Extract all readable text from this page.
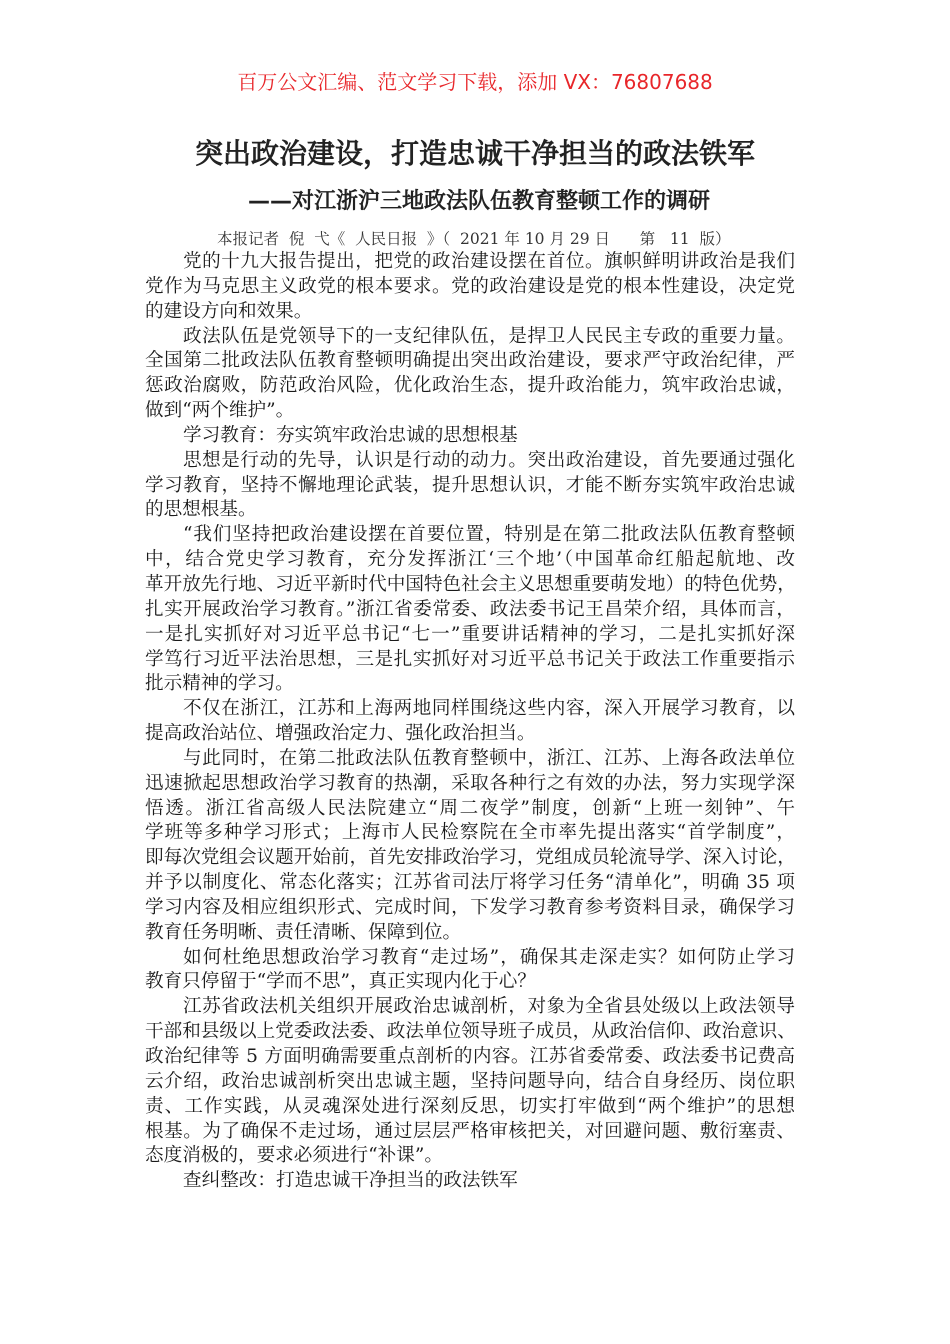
百万公文汇编、范文学习下载，添加 VX：76807688
突出政治建设，打造忠诚干净担当的政法铁军
——对江浙沪三地政法队伍教育整顿工作的调研
本报记者  倪  弋《  人民日报  》（  2021 年 10 月 29 日      第   11  版）
党的十九大报告提出，把党的政治建设摆在首位。旗帜鲜明讲政治是我们
党作为马克思主义政党的根本要求。党的政治建设是党的根本性建设，决定党
的建设方向和效果。
政法队伍是党领导下的一支纪律队伍，是捍卫人民民主专政的重要力量。
全国第二批政法队伍教育整顿明确提出突出政治建设，要求严守政治纪律，严
惩政治腐败，防范政治风险，优化政治生态，提升政治能力，筑牢政治忠诚，
做到“两个维护”。
学习教育：夯实筑牢政治忠诚的思想根基
思想是行动的先导，认识是行动的动力。突出政治建设，首先要通过强化
学习教育，坚持不懈地理论武装，提升思想认识，才能不断夯实筑牢政治忠诚
的思想根基。
“我们坚持把政治建设摆在首要位置，特别是在第二批政法队伍教育整顿
中，结合党史学习教育，充分发挥浙江‘三个地’（中国革命红船起航地、改
革开放先行地、习近平新时代中国特色社会主义思想重要萌发地）的特色优势，
扎实开展政治学习教育。”浙江省委常委、政法委书记王昌荣介绍，具体而言，
一是扎实抓好对习近平总书记“七一”重要讲话精神的学习，二是扎实抓好深
学笃行习近平法治思想，三是扎实抓好对习近平总书记关于政法工作重要指示
批示精神的学习。
不仅在浙江，江苏和上海两地同样围绕这些内容，深入开展学习教育，以
提高政治站位、增强政治定力、强化政治担当。
与此同时，在第二批政法队伍教育整顿中，浙江、江苏、上海各政法单位
迅速掀起思想政治学习教育的热潮，采取各种行之有效的办法，努力实现学深
悟透。浙江省高级人民法院建立“周二夜学”制度，创新“上班一刻钟”、午
学班等多种学习形式；上海市人民检察院在全市率先提出落实“首学制度”，
即每次党组会议题开始前，首先安排政治学习，党组成员轮流导学、深入讨论，
并予以制度化、常态化落实；江苏省司法厅将学习任务“清单化”，明确 35 项
学习内容及相应组织形式、完成时间，下发学习教育参考资料目录，确保学习
教育任务明晰、责任清晰、保障到位。
如何杜绝思想政治学习教育“走过场”，确保其走深走实？如何防止学习
教育只停留于“学而不思”，真正实现内化于心？
江苏省政法机关组织开展政治忠诚剖析，对象为全省县处级以上政法领导
干部和县级以上党委政法委、政法单位领导班子成员，从政治信仰、政治意识、
政治纪律等 5 方面明确需要重点剖析的内容。江苏省委常委、政法委书记费高
云介绍，政治忠诚剖析突出忠诚主题，坚持问题导向，结合自身经历、岗位职
责、工作实践，从灵魂深处进行深刻反思，切实打牢做到“两个维护”的思想
根基。为了确保不走过场，通过层层严格审核把关，对回避问题、敷衍塞责、
态度消极的，要求必须进行“补课”。
查纠整改：打造忠诚干净担当的政法铁军
